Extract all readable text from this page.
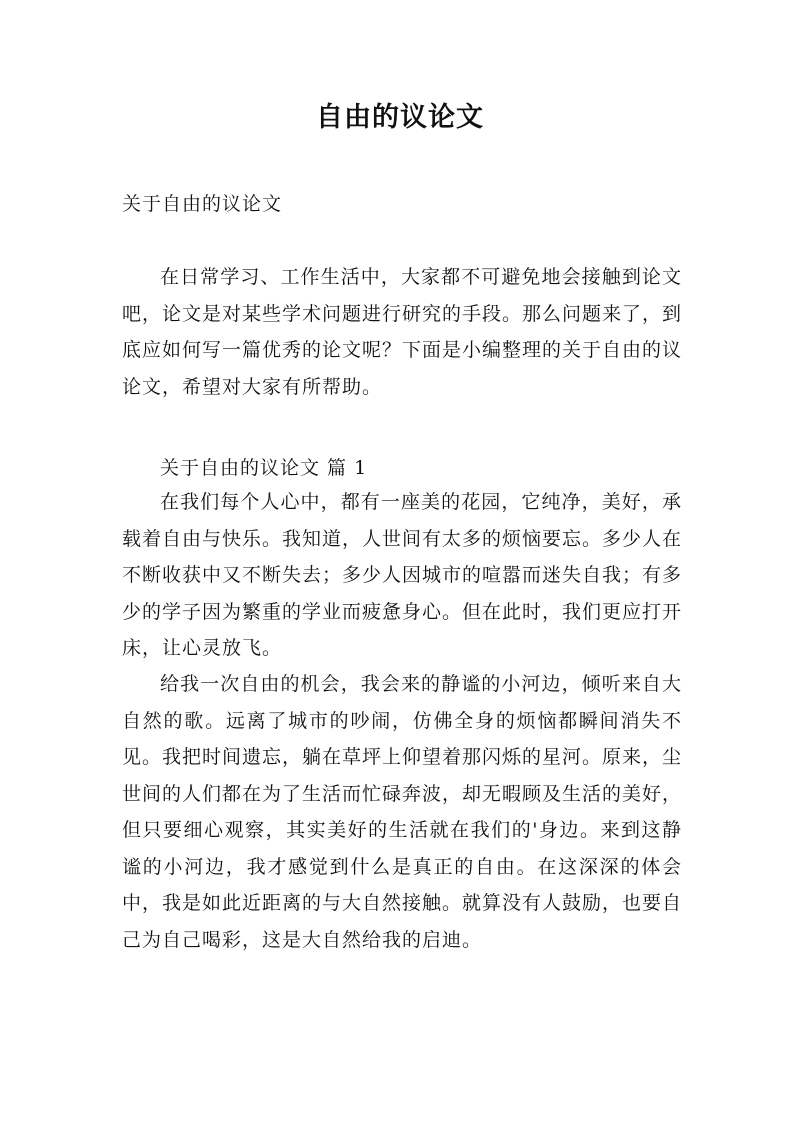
自由的议论文
关于自由的议论文

在日常学习、工作生活中，大家都不可避免地会接触到论文吧，论文是对某些学术问题进行研究的手段。那么问题来了，到底应如何写一篇优秀的论文呢？下面是小编整理的关于自由的议论文，希望对大家有所帮助。

关于自由的议论文 篇 1

在我们每个人心中，都有一座美的花园，它纯净，美好，承载着自由与快乐。我知道，人世间有太多的烦恼要忘。多少人在不断收获中又不断失去；多少人因城市的喧嚣而迷失自我；有多少的学子因为繁重的学业而疲惫身心。但在此时，我们更应打开床，让心灵放飞。

给我一次自由的机会，我会来的静谧的小河边，倾听来自大自然的歌。远离了城市的吵闹，仿佛全身的烦恼都瞬间消失不见。我把时间遗忘，躺在草坪上仰望着那闪烁的星河。原来，尘世间的人们都在为了生活而忙碌奔波，却无暇顾及生活的美好，但只要细心观察，其实美好的生活就在我们的'身边。来到这静谧的小河边，我才感觉到什么是真正的自由。在这深深的体会中，我是如此近距离的与大自然接触。就算没有人鼓励，也要自己为自己喝彩，这是大自然给我的启迪。
